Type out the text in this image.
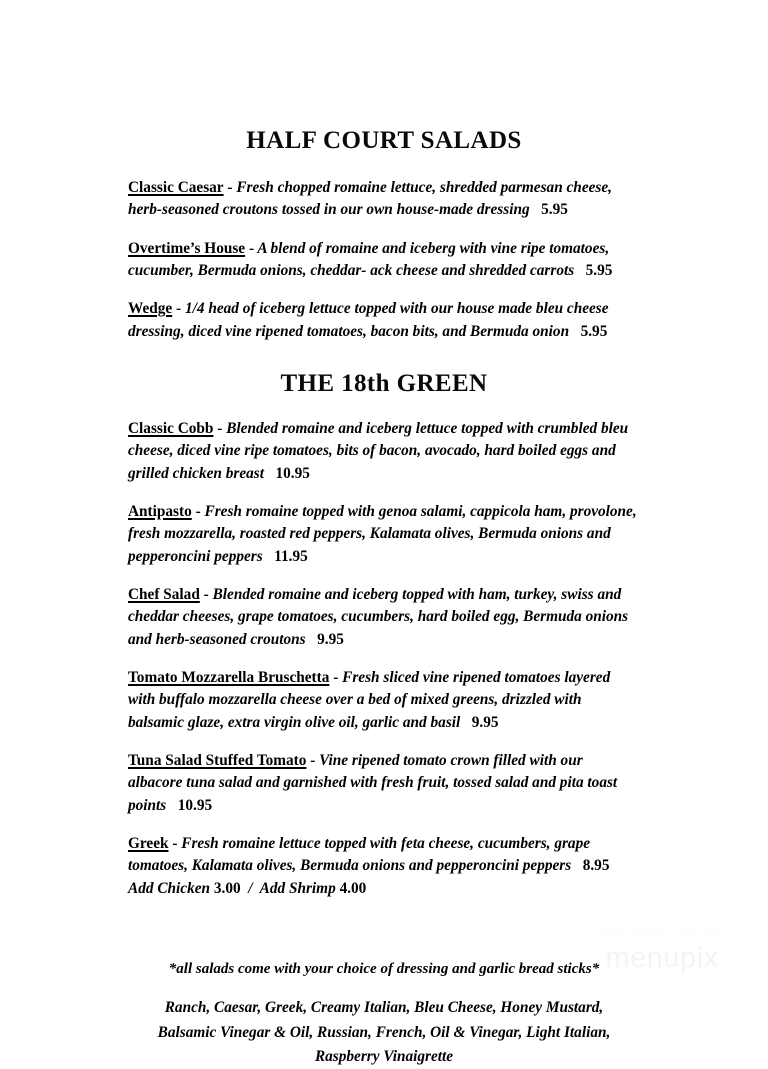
HALF COURT SALADS
Classic Caesar - Fresh chopped romaine lettuce, shredded parmesan cheese, herb-seasoned croutons tossed in our own house-made dressing 5.95
Overtime’s House - A blend of romaine and iceberg with vine ripe tomatoes, cucumber, Bermuda onions, cheddar- ack cheese and shredded carrots 5.95
Wedge - 1/4 head of iceberg lettuce topped with our house made bleu cheese dressing, diced vine ripened tomatoes, bacon bits, and Bermuda onion 5.95
THE 18th GREEN
Classic Cobb - Blended romaine and iceberg lettuce topped with crumbled bleu cheese, diced vine ripe tomatoes, bits of bacon, avocado, hard boiled eggs and grilled chicken breast 10.95
Antipasto - Fresh romaine topped with genoa salami, cappicola ham, provolone, fresh mozzarella, roasted red peppers, Kalamata olives, Bermuda onions and pepperoncini peppers 11.95
Chef Salad - Blended romaine and iceberg topped with ham, turkey, swiss and cheddar cheeses, grape tomatoes, cucumbers, hard boiled egg, Bermuda onions and herb-seasoned croutons 9.95
Tomato Mozzarella Bruschetta - Fresh sliced vine ripened tomatoes layered with buffalo mozzarella cheese over a bed of mixed greens, drizzled with balsamic glaze, extra virgin olive oil, garlic and basil 9.95
Tuna Salad Stuffed Tomato - Vine ripened tomato crown filled with our albacore tuna salad and garnished with fresh fruit, tossed salad and pita toast points 10.95
Greek - Fresh romaine lettuce topped with feta cheese, cucumbers, grape tomatoes, Kalamata olives, Bermuda onions and pepperoncini peppers 8.95
Add Chicken 3.00 / Add Shrimp 4.00

*all salads come with your choice of dressing and garlic bread sticks*

Ranch, Caesar, Greek, Creamy Italian, Bleu Cheese, Honey Mustard,
Balsamic Vinegar & Oil, Russian, French, Oil & Vinegar, Light Italian,
Raspberry Vinaigrette

your menu. our pix
menupix
